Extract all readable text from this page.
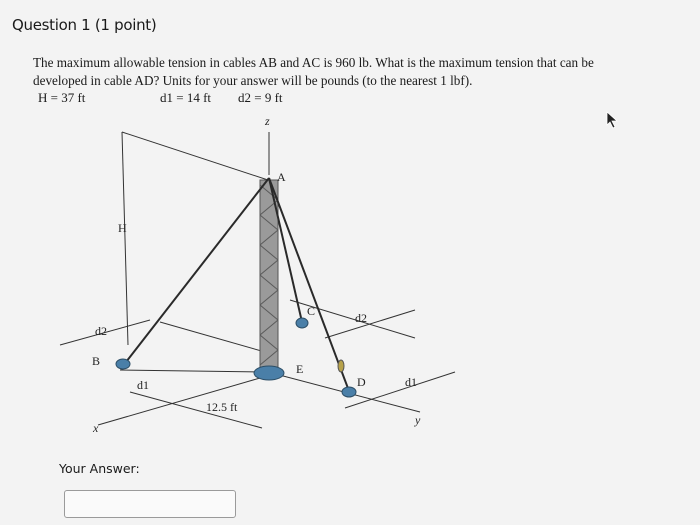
Question 1 (1 point)
The maximum allowable tension in cables AB and AC is 960 lb. What is the maximum tension that can be
developed in cable AD? Units for your answer will be pounds (to the nearest 1 lbf).
H = 37 ft	d1 = 14 ft d2 = 9 ft
z
A
H
C	d2
d2
B
E
D
d1	d1
12.5 ft
x
y
Your Answer:
